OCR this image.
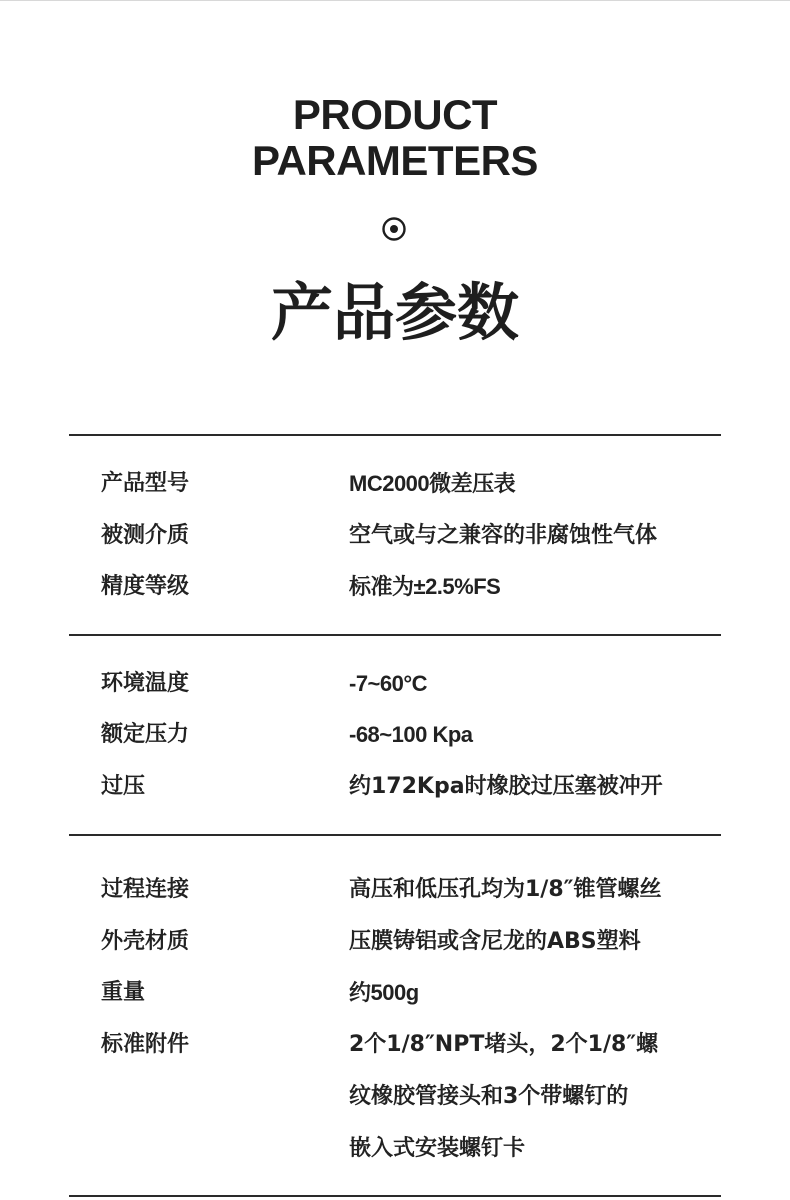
PRODUCT
PARAMETERS
产品参数
产品型号	MC2000微差压表
被测介质	空气或与之兼容的非腐蚀性气体
精度等级	标准为±2.5%FS
环境温度	-7~60°C
额定压力	-68~100 Kpa
过压	约172Kpa时橡胶过压塞被冲开
过程连接	高压和低压孔均为1/8″锥管螺丝
外壳材质	压膜铸铝或含尼龙的ABS塑料
重量	约500g
标准附件	2个1/8″NPT堵头，2个1/8″螺
纹橡胶管接头和3个带螺钉的
嵌入式安装螺钉卡
